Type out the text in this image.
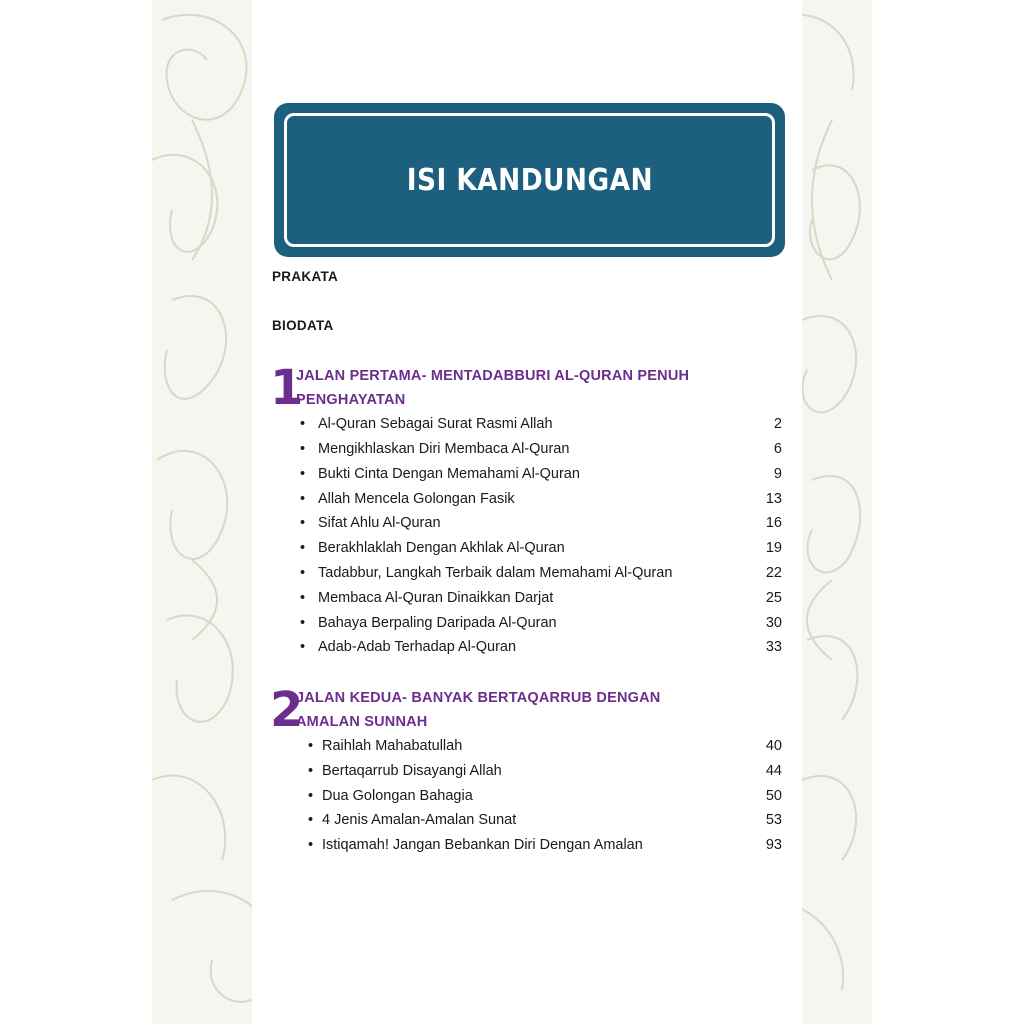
ISI KANDUNGAN
PRAKATA
BIODATA
1
JALAN PERTAMA- MENTADABBURI AL-QURAN PENUH PENGHAYATAN
2
JALAN KEDUA- BANYAK BERTAQARRUB DENGAN AMALAN SUNNAH
• Al-Quran Sebagai Surat Rasmi Allah	2
• Mengikhlaskan Diri Membaca Al-Quran	6
• Bukti Cinta Dengan Memahami Al-Quran	9
• Allah Mencela Golongan Fasik	13
• Sifat Ahlu Al-Quran	16
• Berakhlaklah Dengan Akhlak Al-Quran	19
• Tadabbur, Langkah Terbaik dalam Memahami Al-Quran	22
• Membaca Al-Quran Dinaikkan Darjat	25
• Bahaya Berpaling Daripada Al-Quran	30
• Adab-Adab Terhadap Al-Quran	33
• Raihlah Mahabatullah	40
• Bertaqarrub Disayangi Allah	44
• Dua Golongan Bahagia	50
• 4 Jenis Amalan-Amalan Sunat	53
• Istiqamah! Jangan Bebankan Diri Dengan Amalan	93
